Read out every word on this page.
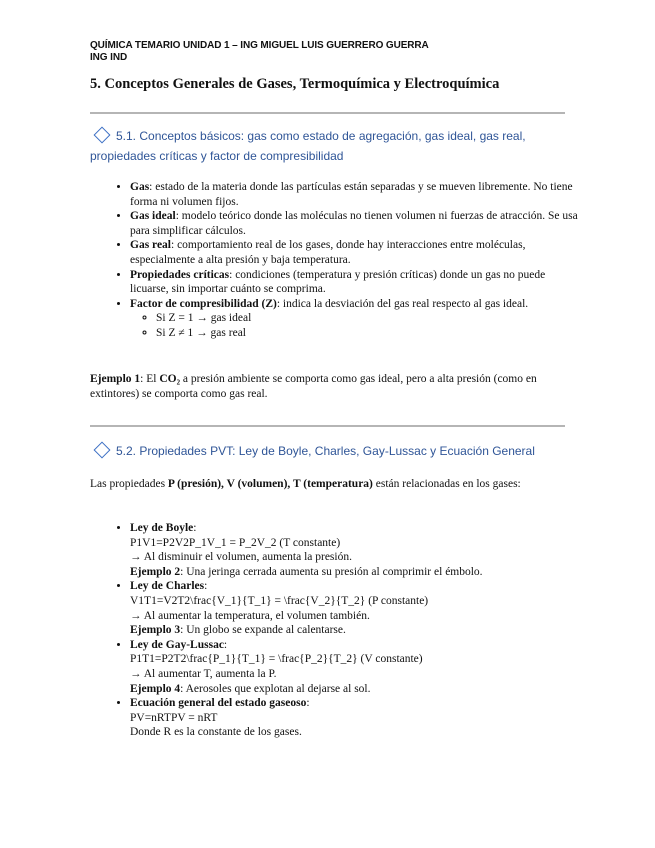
QUÍMICA TEMARIO UNIDAD 1 – ING MIGUEL LUIS GUERRERO GUERRA
ING IND
5. Conceptos Generales de Gases, Termoquímica y Electroquímica
5.1. Conceptos básicos: gas como estado de agregación, gas ideal, gas real, propiedades críticas y factor de compresibilidad
• Gas: estado de la materia donde las partículas están separadas y se mueven libremente. No tiene forma ni volumen fijos.
• Gas ideal: modelo teórico donde las moléculas no tienen volumen ni fuerzas de atracción. Se usa para simplificar cálculos.
• Gas real: comportamiento real de los gases, donde hay interacciones entre moléculas, especialmente a alta presión y baja temperatura.
• Propiedades críticas: condiciones (temperatura y presión críticas) donde un gas no puede licuarse, sin importar cuánto se comprima.
• Factor de compresibilidad (Z): indica la desviación del gas real respecto al gas ideal.
◦ Si Z = 1 → gas ideal
◦ Si Z ≠ 1 → gas real
Ejemplo 1: El CO₂ a presión ambiente se comporta como gas ideal, pero a alta presión (como en extintores) se comporta como gas real.
5.2. Propiedades PVT: Ley de Boyle, Charles, Gay-Lussac y Ecuación General
Las propiedades P (presión), V (volumen), T (temperatura) están relacionadas en los gases:
• Ley de Boyle:
P1V1=P2V2P_1V_1 = P_2V_2 (T constante)
→ Al disminuir el volumen, aumenta la presión.
Ejemplo 2: Una jeringa cerrada aumenta su presión al comprimir el émbolo.
• Ley de Charles:
V1T1=V2T2\frac{V_1}{T_1} = \frac{V_2}{T_2} (P constante)
→ Al aumentar la temperatura, el volumen también.
Ejemplo 3: Un globo se expande al calentarse.
• Ley de Gay-Lussac:
P1T1=P2T2\frac{P_1}{T_1} = \frac{P_2}{T_2} (V constante)
→ Al aumentar T, aumenta la P.
Ejemplo 4: Aerosoles que explotan al dejarse al sol.
• Ecuación general del estado gaseoso:
PV=nRTPV = nRT
Donde R es la constante de los gases.
